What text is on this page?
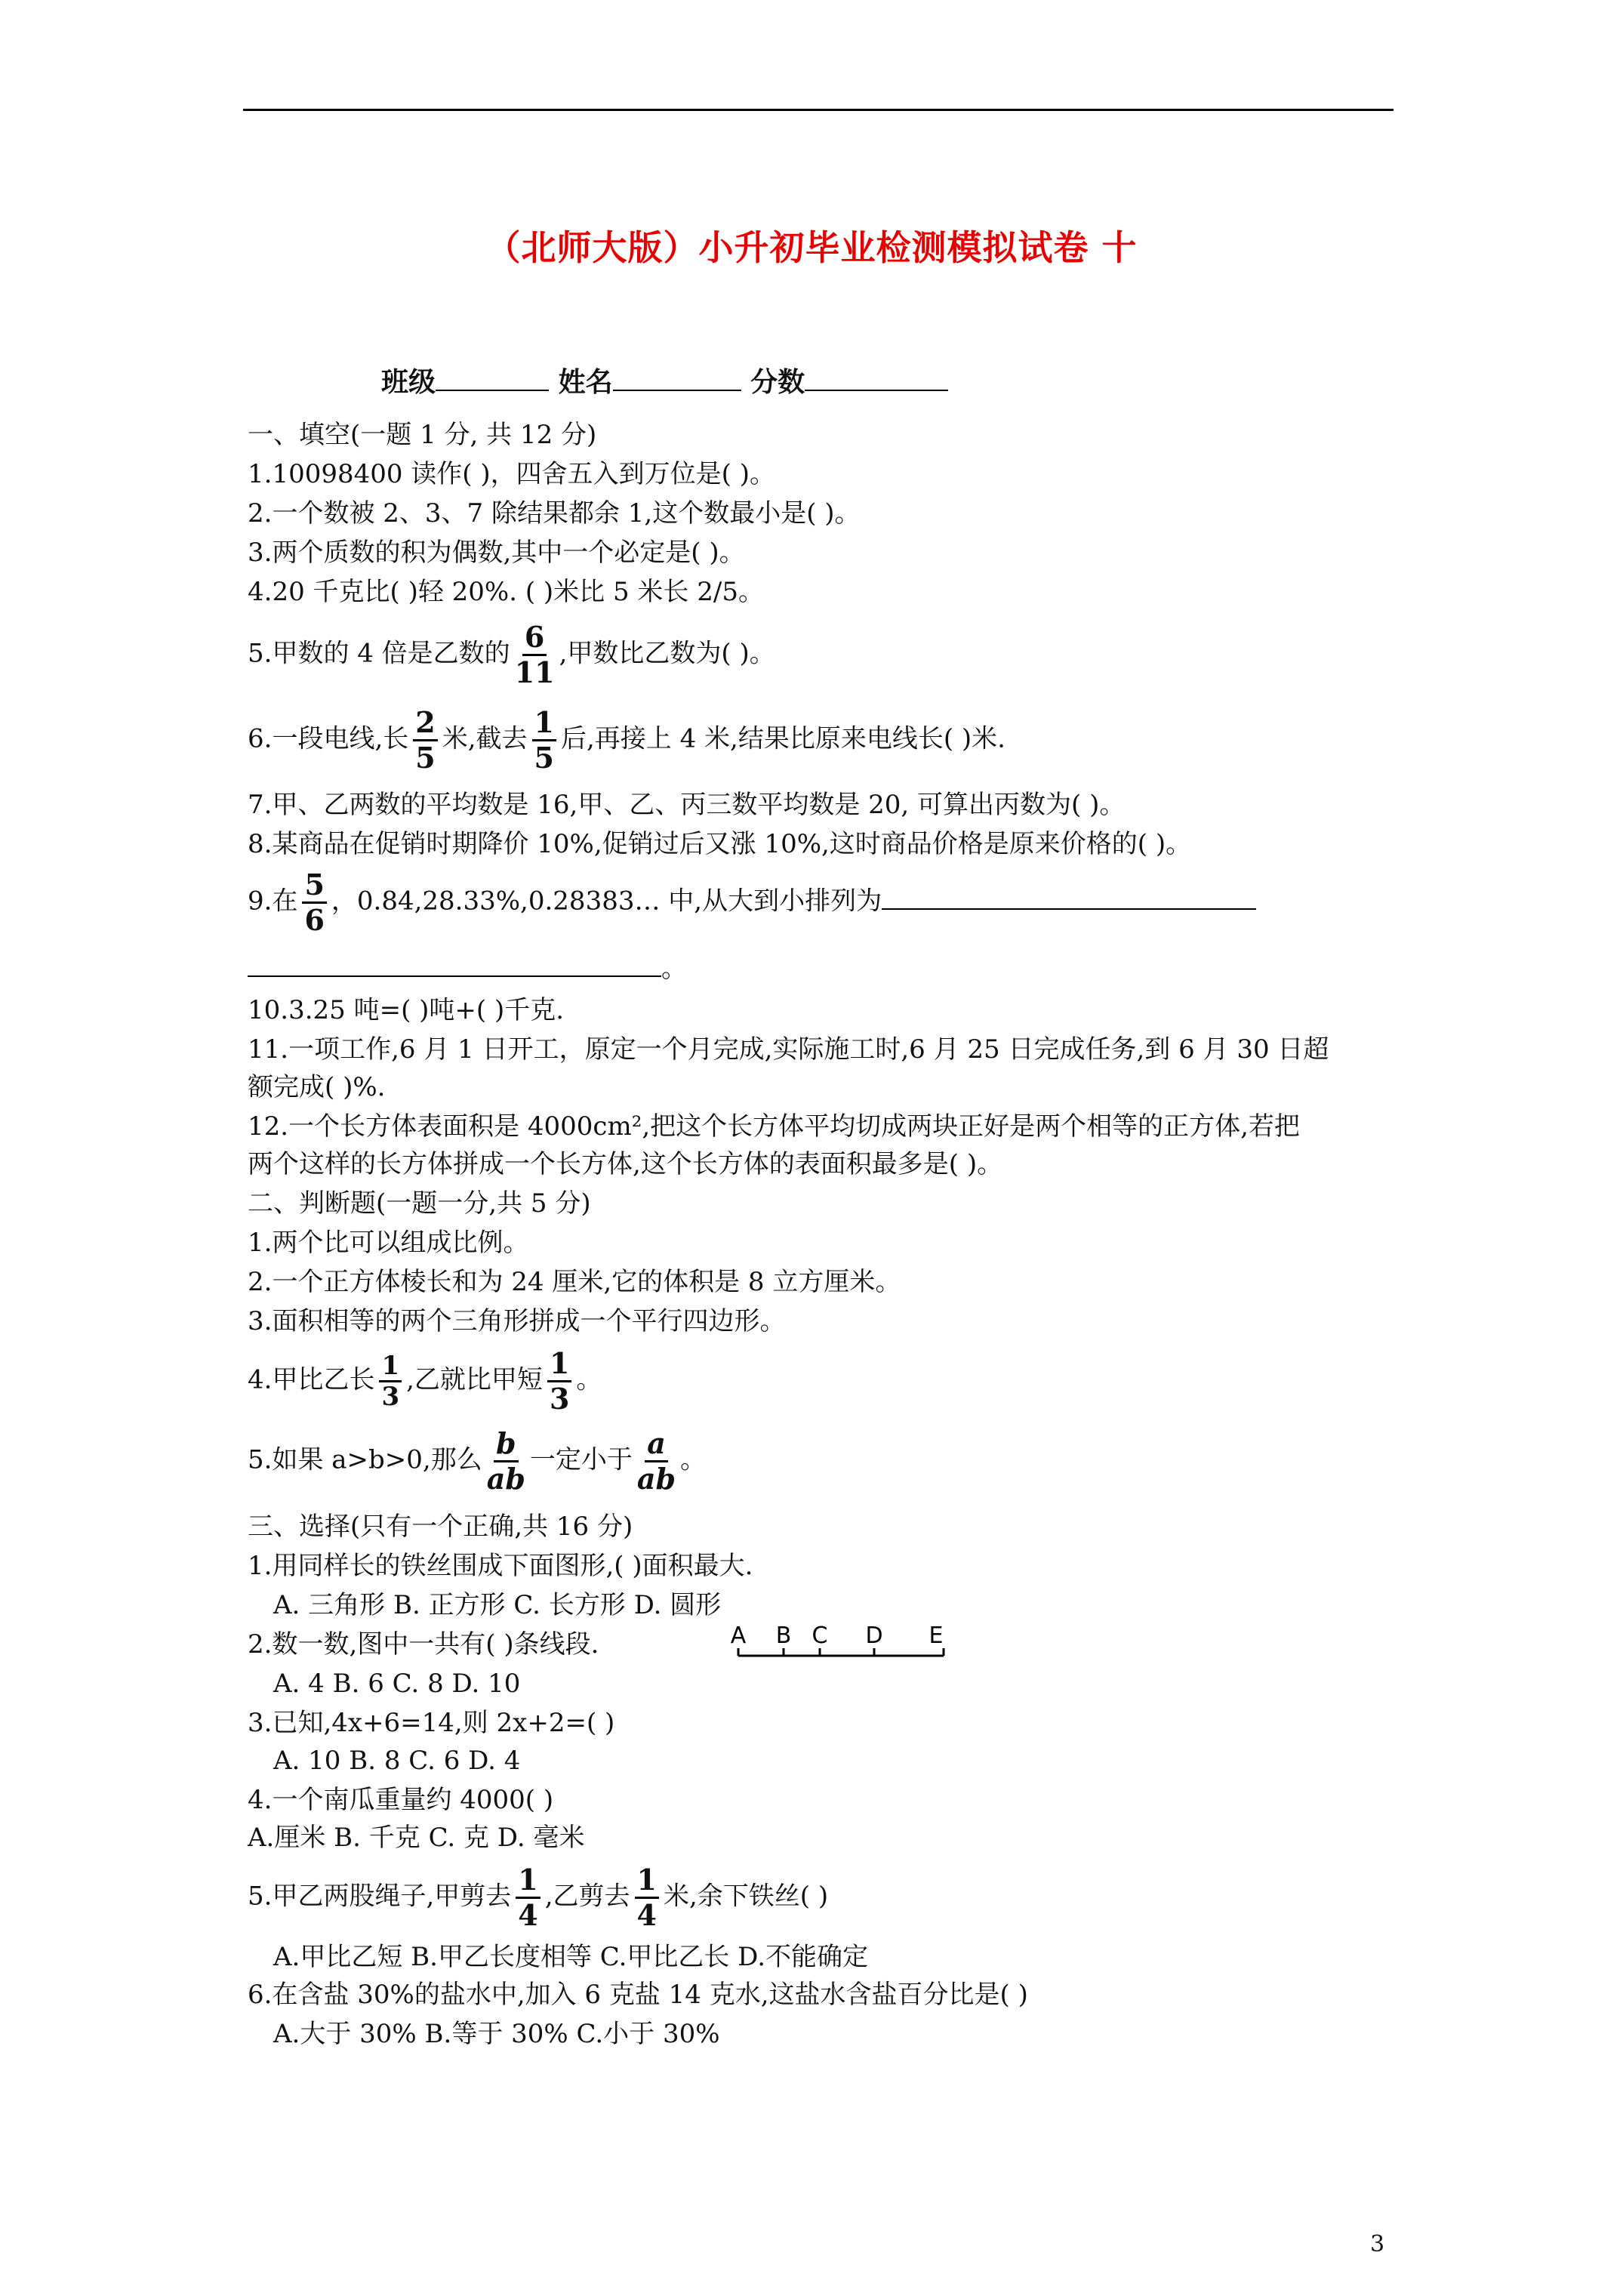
（北师大版）小升初毕业检测模拟试卷 十
班级	姓名	分数
一、填空(一题 1 分, 共 12 分)
1.10098400 读作( )，四舍五入到万位是( )。
2.一个数被 2、3、7 除结果都余 1,这个数最小是( )。
3.两个质数的积为偶数,其中一个必定是( )。
4.20 千克比( )轻 20%. ( )米比 5 米长 2/5。
5.甲数的 4 倍是乙数的 $\frac{6}{11}$ ,甲数比乙数为( )。
6.一段电线,长 $\frac{2}{5}$ 米,截去 $\frac{1}{5}$ 后,再接上 4 米,结果比原来电线长( )米.
7.甲、乙两数的平均数是 16,甲、乙、丙三数平均数是 20, 可算出丙数为( )。
8.某商品在促销时期降价 10%,促销过后又涨 10%,这时商品价格是原来价格的( )。
9.在 $\frac{5}{6}$ ，0.84,28.33%,0.28383… 中,从大到小排列为
。
10.3.25 吨=( )吨+( )千克.
11.一项工作,6 月 1 日开工，原定一个月完成,实际施工时,6 月 25 日完成任务,到 6 月 30 日超
额完成( )%.
12.一个长方体表面积是 4000cm²,把这个长方体平均切成两块正好是两个相等的正方体,若把
两个这样的长方体拼成一个长方体,这个长方体的表面积最多是( )。
二、判断题(一题一分,共 5 分)
1.两个比可以组成比例。
2.一个正方体棱长和为 24 厘米,它的体积是 8 立方厘米。
3.面积相等的两个三角形拼成一个平行四边形。
4.甲比乙长 $\frac{1}{3}$ ,乙就比甲短 $\frac{1}{3}$ 。
5.如果 a>b>0,那么 $\frac{b}{ab}$ 一定小于 $\frac{a}{ab}$ 。
三、选择(只有一个正确,共 16 分)
1.用同样长的铁丝围成下面图形,( )面积最大.
A. 三角形 B. 正方形 C. 长方形 D. 圆形
2.数一数,图中一共有( )条线段.	A B C D E
A. 4 B. 6 C. 8 D. 10
3.已知,4x+6=14,则 2x+2=( )
A. 10 B. 8 C. 6 D. 4
4.一个南瓜重量约 4000( )
A.厘米 B. 千克 C. 克 D. 毫米
5.甲乙两股绳子,甲剪去 $\frac{1}{4}$ ,乙剪去 $\frac{1}{4}$ 米,余下铁丝( )
A.甲比乙短 B.甲乙长度相等 C.甲比乙长 D.不能确定
6.在含盐 30%的盐水中,加入 6 克盐 14 克水,这盐水含盐百分比是( )
A.大于 30% B.等于 30% C.小于 30%
3
